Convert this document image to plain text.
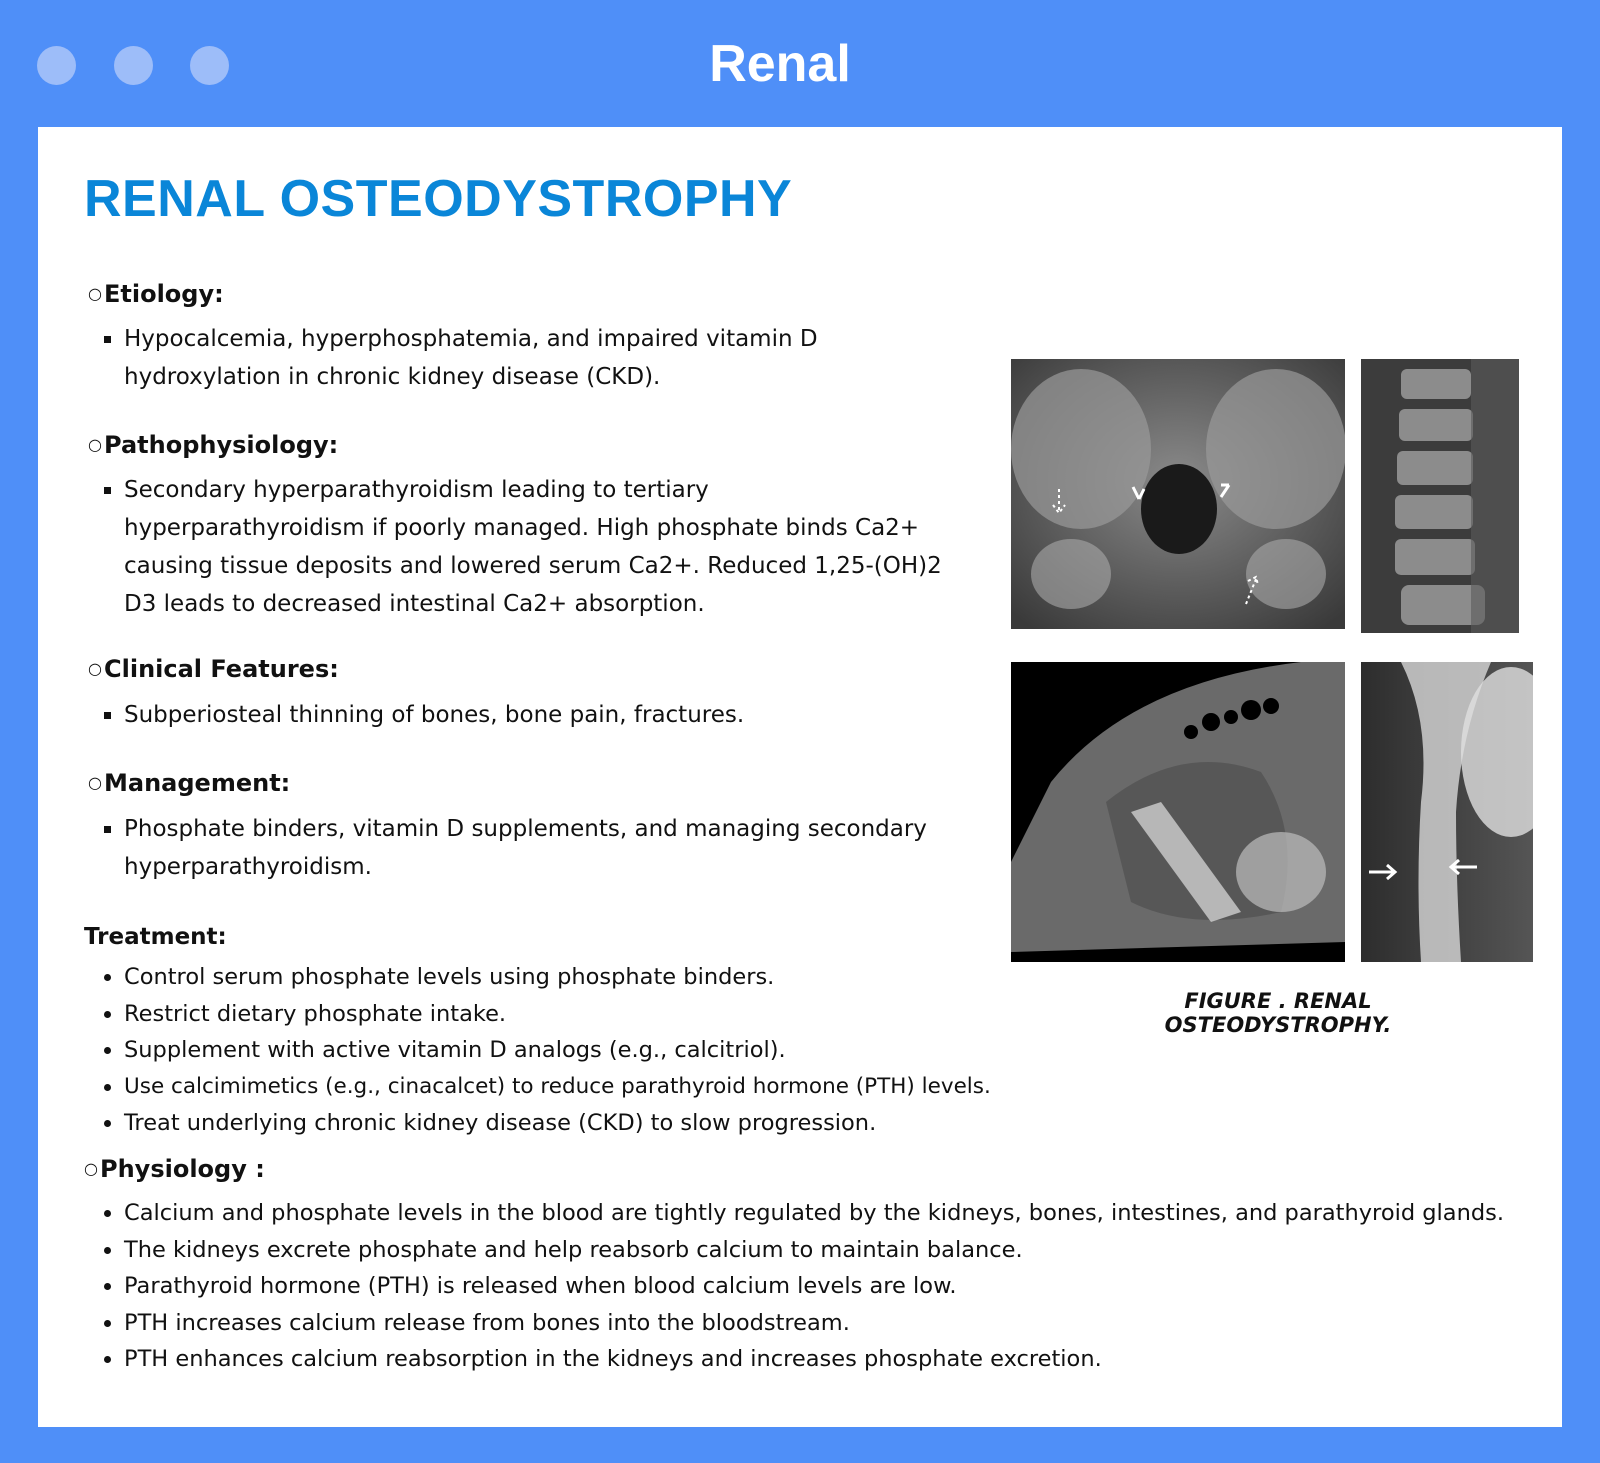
Renal
RENAL OSTEODYSTROPHY
○Etiology:
Hypocalcemia, hyperphosphatemia, and impaired vitamin D hydroxylation in chronic kidney disease (CKD).
○Pathophysiology:
Secondary hyperparathyroidism leading to tertiary hyperparathyroidism if poorly managed. High phosphate binds Ca2+ causing tissue deposits and lowered serum Ca2+. Reduced 1,25-(OH)2 D3 leads to decreased intestinal Ca2+ absorption.
○Clinical Features:
Subperiosteal thinning of bones, bone pain, fractures.
○Management:
Phosphate binders, vitamin D supplements, and managing secondary hyperparathyroidism.
Treatment:
Control serum phosphate levels using phosphate binders.
Restrict dietary phosphate intake.
Supplement with active vitamin D analogs (e.g., calcitriol).
Use calcimimetics (e.g., cinacalcet) to reduce parathyroid hormone (PTH) levels.
Treat underlying chronic kidney disease (CKD) to slow progression.
○Physiology :
Calcium and phosphate levels in the blood are tightly regulated by the kidneys, bones, intestines, and parathyroid glands.
The kidneys excrete phosphate and help reabsorb calcium to maintain balance.
Parathyroid hormone (PTH) is released when blood calcium levels are low.
PTH increases calcium release from bones into the bloodstream.
PTH enhances calcium reabsorption in the kidneys and increases phosphate excretion.
FIGURE . RENAL OSTEODYSTROPHY.
